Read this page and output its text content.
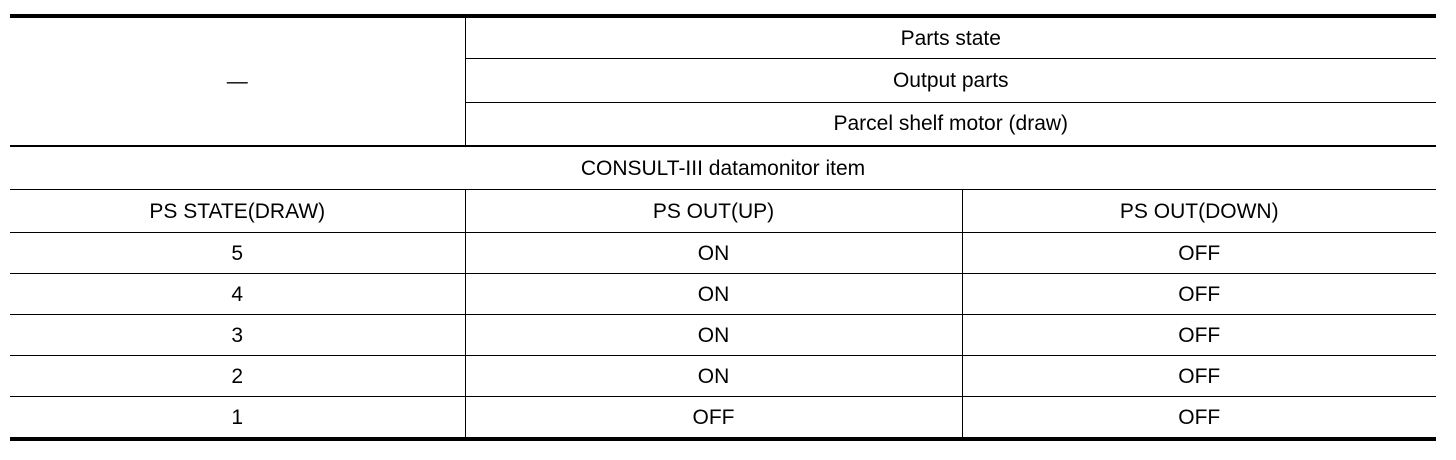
—	Parts state	
	Output parts	
	Parcel shelf motor (draw)	
CONSULT-III datamonitor item		
PS STATE(DRAW)	PS OUT(UP)	PS OUT(DOWN)
5	ON	OFF
4	ON	OFF
3	ON	OFF
2	ON	OFF
1	OFF	OFF
